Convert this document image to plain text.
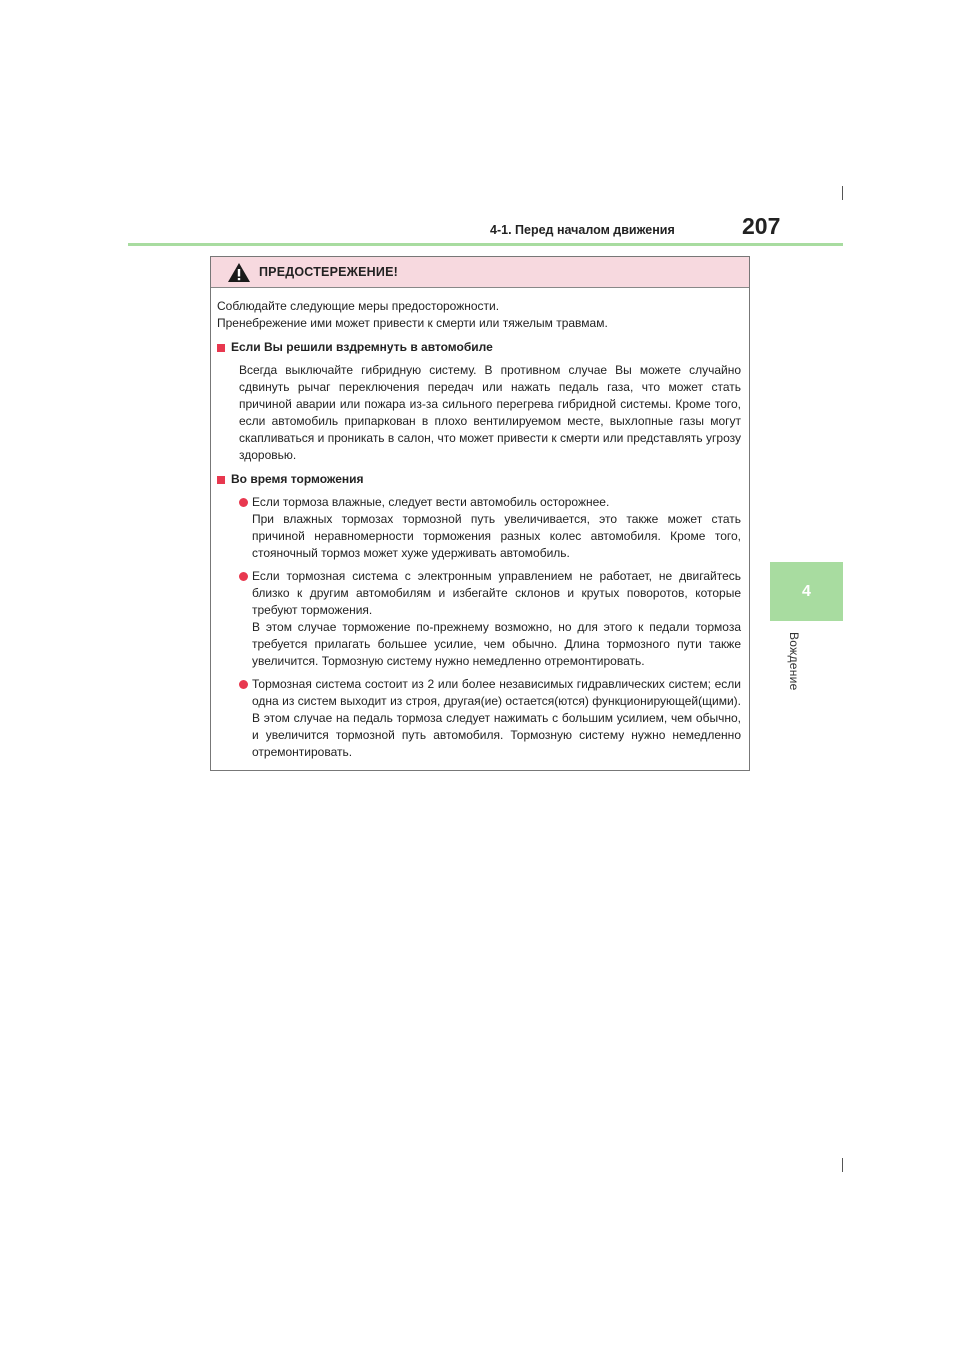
4-1. Перед началом движения	207
4
Вождение
ПРЕДОСТЕРЕЖЕНИЕ!

Соблюдайте следующие меры предосторожности.

Пренебрежение ими может привести к смерти или тяжелым травмам.

Если Вы решили вздремнуть в автомобиле
Всегда выключайте гибридную систему. В противном случае Вы можете случайно сдвинуть рычаг переключения передач или нажать педаль газа, что может стать причиной аварии или пожара из-за сильного перегрева гибридной системы. Кроме того, если автомобиль припаркован в плохо вентилируемом месте, выхлопные газы могут скапливаться и проникать в салон, что может привести к смерти или представлять угрозу здоровью.
Во время торможения

Если тормоза влажные, следует вести автомобиль осторожнее.

При влажных тормозах тормозной путь увеличивается, это также может стать причиной неравномерности торможения разных колес автомобиля. Кроме того, стояночный тормоз может хуже удерживать автомобиль.

Если тормозная система с электронным управлением не работает, не двигайтесь близко к другим автомобилям и избегайте склонов и крутых поворотов, которые требуют торможения.

В этом случае торможение по-прежнему возможно, но для этого к педали тормоза требуется прилагать большее усилие, чем обычно. Длина тормозного пути также увеличится. Тормозную систему нужно немедленно отремонтировать.

Тормозная система состоит из 2 или более независимых гидравлических систем; если одна из систем выходит из строя, другая(ие) остается(ются) функционирующей(щими). В этом случае на педаль тормоза следует нажимать с большим усилием, чем обычно, и увеличится тормозной путь автомобиля. Тормозную систему нужно немедленно отремонтировать.
